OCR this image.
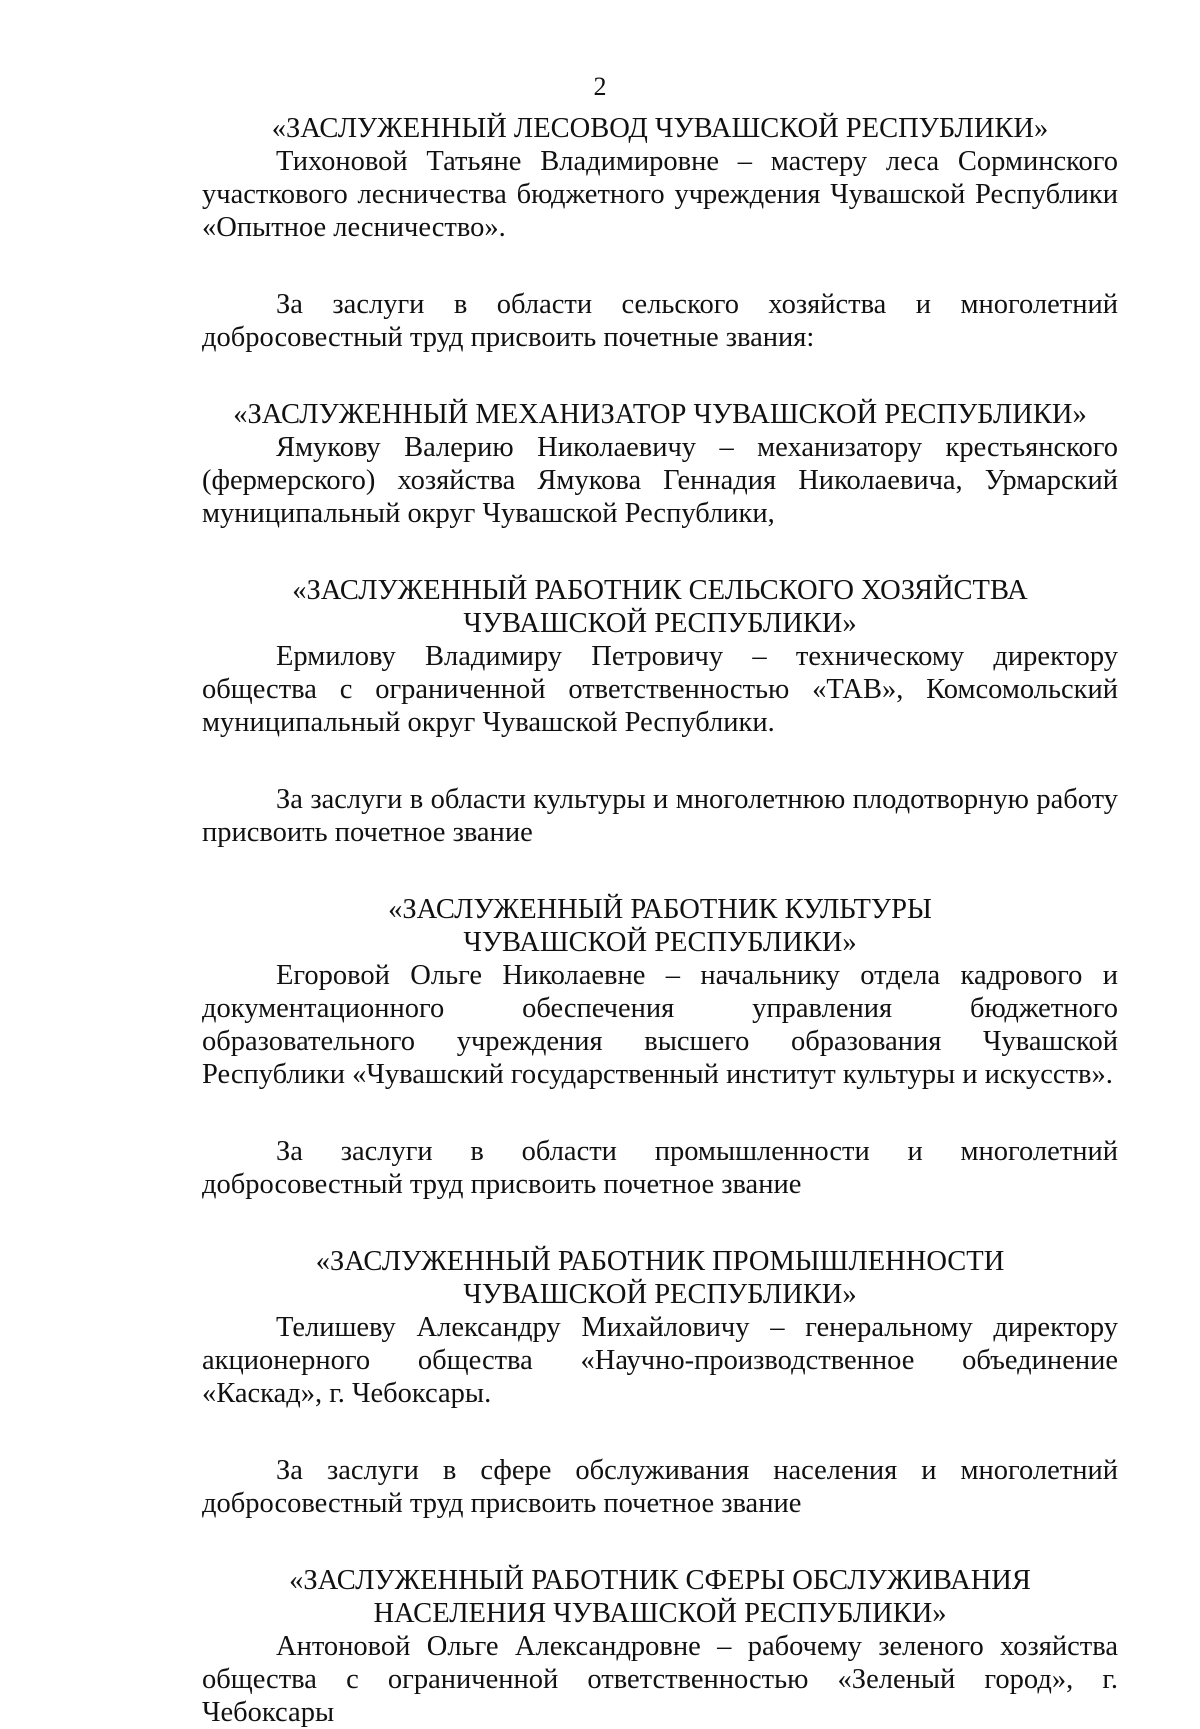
2
«ЗАСЛУЖЕННЫЙ ЛЕСОВОД ЧУВАШСКОЙ РЕСПУБЛИКИ»

Тихоновой Татьяне Владимировне – мастеру леса Сорминского участкового лесничества бюджетного учреждения Чувашской Республики «Опытное лесничество».

За заслуги в области сельского хозяйства и многолетний добросовестный труд присвоить почетные звания:

«ЗАСЛУЖЕННЫЙ МЕХАНИЗАТОР ЧУВАШСКОЙ РЕСПУБЛИКИ»

Ямукову Валерию Николаевичу – механизатору крестьянского (фермерского) хозяйства Ямукова Геннадия Николаевича, Урмарский муниципальный округ Чувашской Республики,

«ЗАСЛУЖЕННЫЙ РАБОТНИК СЕЛЬСКОГО ХОЗЯЙСТВА
ЧУВАШСКОЙ РЕСПУБЛИКИ»

Ермилову Владимиру Петровичу – техническому директору общества с ограниченной ответственностью «ТАВ», Комсомольский муниципальный округ Чувашской Республики.

За заслуги в области культуры и многолетнюю плодотворную работу присвоить почетное звание

«ЗАСЛУЖЕННЫЙ РАБОТНИК КУЛЬТУРЫ
ЧУВАШСКОЙ РЕСПУБЛИКИ»

Егоровой Ольге Николаевне – начальнику отдела кадрового и документационного обеспечения управления бюджетного образовательного учреждения высшего образования Чувашской Республики «Чувашский государственный институт культуры и искусств».

За заслуги в области промышленности и многолетний добросовестный труд присвоить почетное звание

«ЗАСЛУЖЕННЫЙ РАБОТНИК ПРОМЫШЛЕННОСТИ
ЧУВАШСКОЙ РЕСПУБЛИКИ»

Телишеву Александру Михайловичу – генеральному директору акционерного общества «Научно-производственное объединение «Каскад», г. Чебоксары.

За заслуги в сфере обслуживания населения и многолетний добросовестный труд присвоить почетное звание

«ЗАСЛУЖЕННЫЙ РАБОТНИК СФЕРЫ ОБСЛУЖИВАНИЯ
НАСЕЛЕНИЯ ЧУВАШСКОЙ РЕСПУБЛИКИ»

Антоновой Ольге Александровне – рабочему зеленого хозяйства общества с ограниченной ответственностью «Зеленый город», г. Чебоксары
